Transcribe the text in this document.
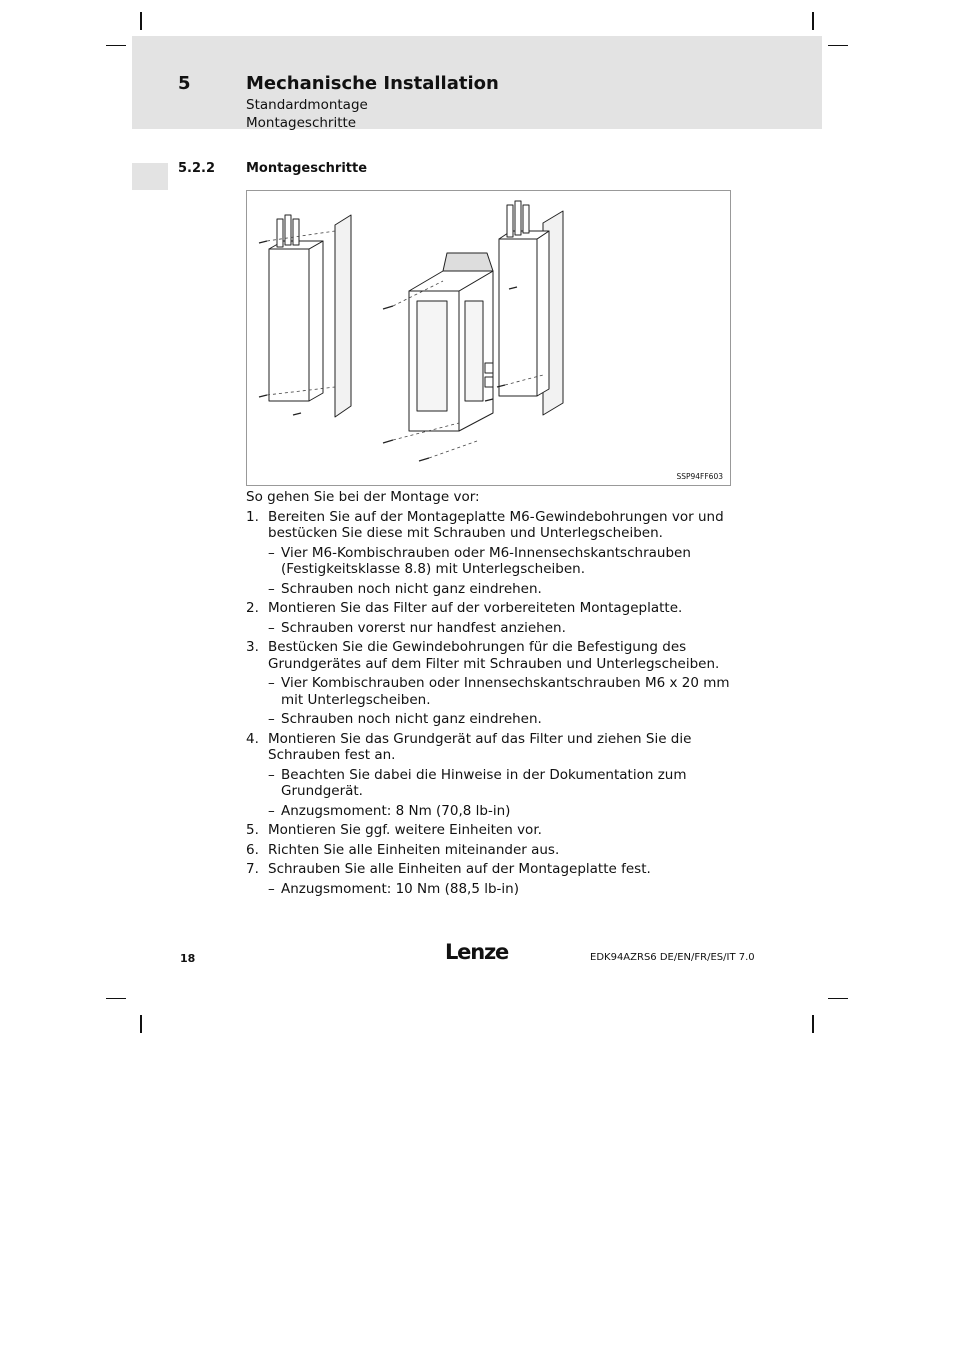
5	Mechanische Installation
Standardmontage
Montageschritte
5.2.2 Montageschritte
SSP94FF603

So gehen Sie bei der Montage vor:

1. Bereiten Sie auf der Montageplatte M6-Gewindebohrungen vor und bestücken Sie diese mit Schrauben und Unterlegscheiben.
– Vier M6-Kombischrauben oder M6-Innensechskantschrauben (Festigkeitsklasse 8.8) mit Unterlegscheiben.
– Schrauben noch nicht ganz eindrehen.
2. Montieren Sie das Filter auf der vorbereiteten Montageplatte.
– Schrauben vorerst nur handfest anziehen.
3. Bestücken Sie die Gewindebohrungen für die Befestigung des Grundgerätes auf dem Filter mit Schrauben und Unterlegscheiben.
– Vier Kombischrauben oder Innensechskantschrauben M6 x 20 mm mit Unterlegscheiben.
– Schrauben noch nicht ganz eindrehen.
4. Montieren Sie das Grundgerät auf das Filter und ziehen Sie die Schrauben fest an.
– Beachten Sie dabei die Hinweise in der Dokumentation zum Grundgerät.
– Anzugsmoment: 8 Nm (70,8 lb-in)
5. Montieren Sie ggf. weitere Einheiten vor.
6. Richten Sie alle Einheiten miteinander aus.
7. Schrauben Sie alle Einheiten auf der Montageplatte fest.
– Anzugsmoment: 10 Nm (88,5 lb-in)
18	Lenze	EDK94AZRS6 DE/EN/FR/ES/IT 7.0
